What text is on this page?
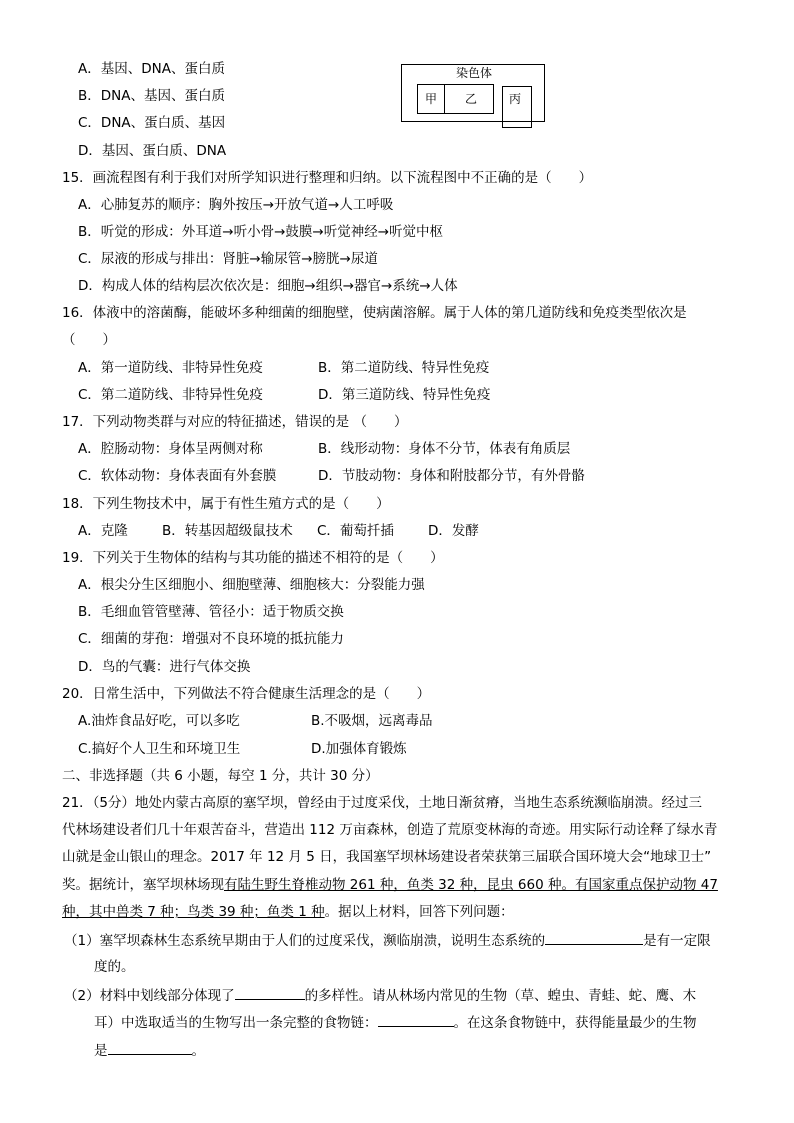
A．基因、DNA、蛋白质
B．DNA、基因、蛋白质
C．DNA、蛋白质、基因
D．基因、蛋白质、DNA
染色体
甲 乙	丙
15．画流程图有利于我们对所学知识进行整理和归纳。以下流程图中不正确的是（　　）
A．心肺复苏的顺序：胸外按压→开放气道→人工呼吸
B．听觉的形成：外耳道→听小骨→鼓膜→听觉神经→听觉中枢
C．尿液的形成与排出：肾脏→输尿管→膀胱→尿道
D．构成人体的结构层次依次是：细胞→组织→器官→系统→人体
16．体液中的溶菌酶，能破坏多种细菌的细胞壁，使病菌溶解。属于人体的第几道防线和免疫类型依次是
（　　）
A．第一道防线、非特异性免疫	B．第二道防线、特异性免疫
C．第二道防线、非特异性免疫	D．第三道防线、特异性免疫
17．下列动物类群与对应的特征描述，错误的是 （　　）
A．腔肠动物：身体呈两侧对称	B．线形动物：身体不分节，体表有角质层
C．软体动物：身体表面有外套膜	D．节肢动物：身体和附肢都分节，有外骨骼
18．下列生物技术中，属于有性生殖方式的是（　　）
A．克隆	B．转基因超级鼠技术 C．葡萄扦插	D．发酵
19．下列关于生物体的结构与其功能的描述不相符的是（　　）
A．根尖分生区细胞小、细胞壁薄、细胞核大：分裂能力强
B．毛细血管管壁薄、管径小：适于物质交换
C．细菌的芽孢：增强对不良环境的抵抗能力
D．鸟的气囊：进行气体交换
20．日常生活中，下列做法不符合健康生活理念的是（　　）
A.油炸食品好吃，可以多吃	B.不吸烟，远离毒品
C.搞好个人卫生和环境卫生	D.加强体育锻炼
二、非选择题（共 6 小题，每空 1 分，共计 30 分）
21．（5分）地处内蒙古高原的塞罕坝，曾经由于过度采伐，土地日渐贫瘠，当地生态系统濒临崩溃。经过三
代林场建设者们几十年艰苦奋斗，营造出 112 万亩森林，创造了荒原变林海的奇迹。用实际行动诠释了绿水青
山就是金山银山的理念。2017 年 12 月 5 日，我国塞罕坝林场建设者荣获第三届联合国环境大会“地球卫士”
奖。据统计，塞罕坝林场现有陆生野生脊椎动物 261 种，鱼类 32 种，昆虫 660 种。有国家重点保护动物 47
种，其中兽类 7 种；鸟类 39 种；鱼类 1 种。据以上材料，回答下列问题：
（1）塞罕坝森林生态系统早期由于人们的过度采伐，濒临崩溃，说明生态系统的	是有一定限
度的。
（2）材料中划线部分体现了	的多样性。请从林场内常见的生物（草、蝗虫、青蛙、蛇、鹰、木
耳）中选取适当的生物写出一条完整的食物链：	。在这条食物链中，获得能量最少的生物
是	。
